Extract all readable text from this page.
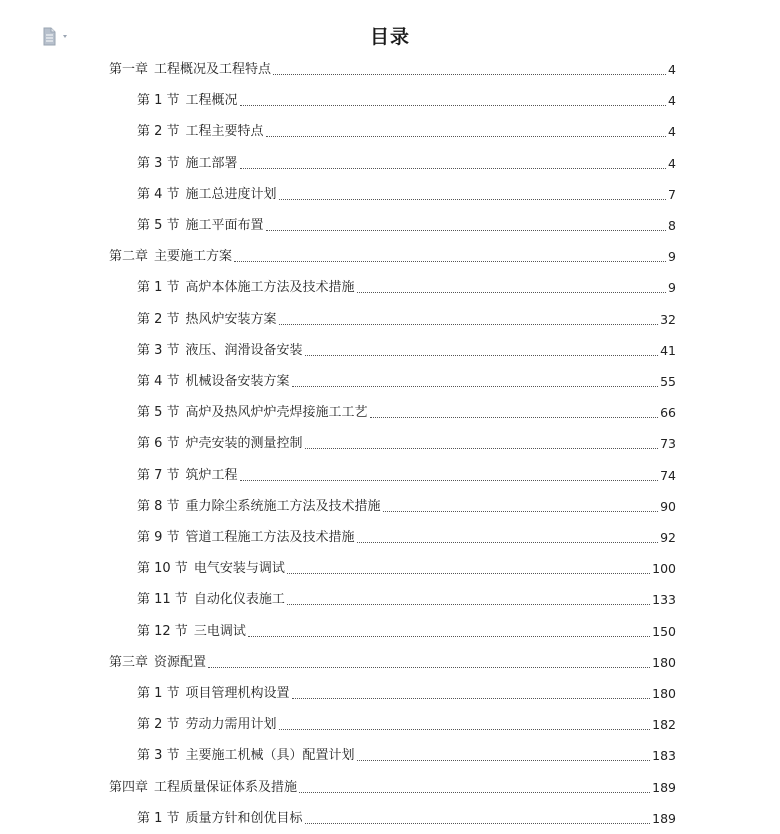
目录
第一章 工程概况及工程特点	4
第 1 节 工程概况	4
第 2 节 工程主要特点	4
第 3 节 施工部署	4
第 4 节 施工总进度计划	7
第 5 节 施工平面布置	8
第二章 主要施工方案	9
第 1 节 高炉本体施工方法及技术措施	9
第 2 节 热风炉安装方案	32
第 3 节 液压、润滑设备安装	41
第 4 节 机械设备安装方案	55
第 5 节 高炉及热风炉炉壳焊接施工工艺	66
第 6 节 炉壳安装的测量控制	73
第 7 节 筑炉工程	74
第 8 节 重力除尘系统施工方法及技术措施	90
第 9 节 管道工程施工方法及技术措施	92
第 10 节 电气安装与调试	100
第 11 节 自动化仪表施工	133
第 12 节 三电调试	150
第三章 资源配置	180
第 1 节 项目管理机构设置	180
第 2 节 劳动力需用计划	182
第 3 节 主要施工机械（具）配置计划	183
第四章 工程质量保证体系及措施	189
第 1 节 质量方针和创优目标	189
